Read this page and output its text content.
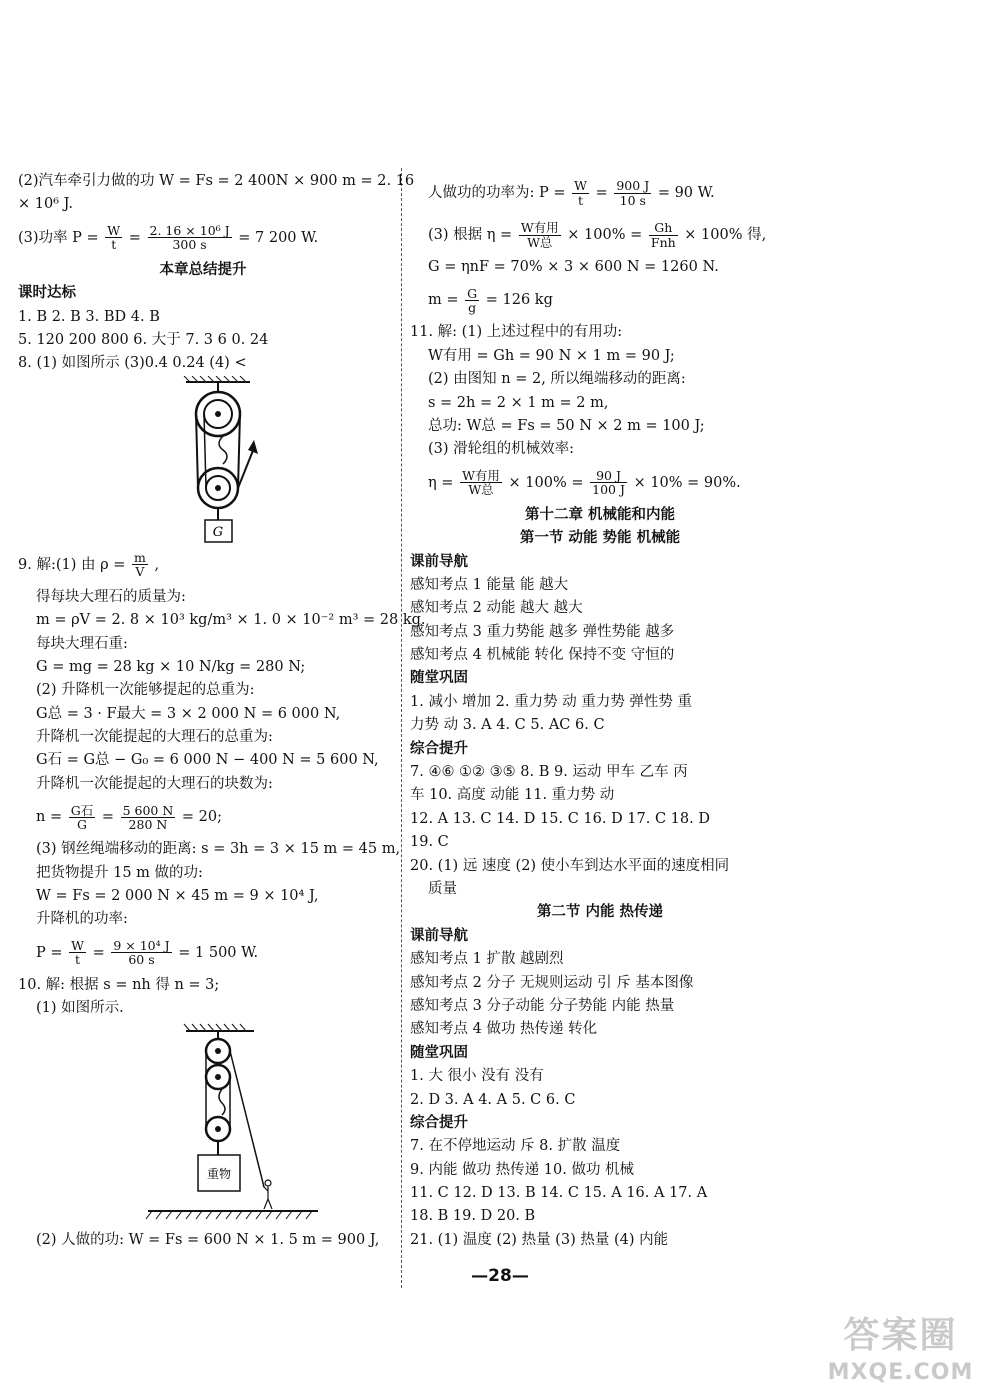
(2)汽车牵引力做的功 W = Fs = 2 400N × 900 m = 2. 16
× 10⁶ J.
(3)功率 $P = \frac{W}{t} = \frac{\text{2. 16 × 10⁶ J}}{300 s} = 7$ 200 W.
本章总结提升
课时达标
1. B 2. B 3. BD 4. B
5. 120 200 800 6. 大于 7. 3 6 0. 24
8. (1) 如图所示 (3)0.4 0.24 (4) <
G
9. 解:(1) 由 $\rho = \frac{m}{V}$ ,
得每块大理石的质量为:
m = ρV = 2. 8 × 10³ kg/m³ × 1. 0 × 10⁻² m³ = 28 kg.
每块大理石重:
G = mg = 28 kg × 10 N/kg = 280 N;
(2) 升降机一次能够提起的总重为:
G总 = 3 · F最大 = 3 × 2 000 N = 6 000 N,
升降机一次能提起的大理石的总重为:
G石 = G总 − G₀ = 6 000 N − 400 N = 5 600 N,
升降机一次能提起的大理石的块数为:
$n = \frac{\text{G石}}{G} = \frac{5 600 N}{280 N} = 20$;
(3) 钢丝绳端移动的距离: s = 3h = 3 × 15 m = 45 m,
把货物提升 15 m 做的功:
W = Fs = 2 000 N × 45 m = 9 × 10⁴ J,
升降机的功率:
$P = \frac{W}{t} = \frac{\text{9 × 10⁴ J}}{60 s} = 1$ 500 W.
10. 解: 根据 s = nh 得 n = 3;
(1) 如图所示.
重物
(2) 人做的功: W = Fs = 600 N × 1. 5 m = 900 J,
人做功的功率为: $P = \frac{W}{t} = \frac{900 J}{10 s} = 90$ W.
(3) 根据 $\eta = \frac{\text{W有用}}{\text{W总}} \times 100\% = \frac{Gh}{\text{Fnh}} \times 100\%$ 得,
G = ηnF = 70% × 3 × 600 N = 1260 N.
$m = \frac{G}{g} = 126$ kg
11. 解: (1) 上述过程中的有用功:
W有用 = Gh = 90 N × 1 m = 90 J;
(2) 由图知 n = 2, 所以绳端移动的距离:
s = 2h = 2 × 1 m = 2 m,
总功: W总 = Fs = 50 N × 2 m = 100 J;
(3) 滑轮组的机械效率:
$\eta = \frac{\text{W有用}}{\text{W总}} \times 100\% = \frac{90 J}{100 J} \times 10\% = 90\%$.
第十二章 机械能和内能
第一节 动能 势能 机械能
课前导航
感知考点 1 能量 能 越大
感知考点 2 动能 越大 越大
感知考点 3 重力势能 越多 弹性势能 越多
感知考点 4 机械能 转化 保持不变 守恒的
随堂巩固
1. 减小 增加 2. 重力势 动 重力势 弹性势 重
力势 动 3. A 4. C 5. AC 6. C
综合提升
7. ④⑥ ①② ③⑤ 8. B 9. 运动 甲车 乙车 丙
车 10. 高度 动能 11. 重力势 动
12. A 13. C 14. D 15. C 16. D 17. C 18. D
19. C
20. (1) 远 速度 (2) 使小车到达水平面的速度相同
质量
第二节 内能 热传递
课前导航
感知考点 1 扩散 越剧烈
感知考点 2 分子 无规则运动 引 斥 基本图像
感知考点 3 分子动能 分子势能 内能 热量
感知考点 4 做功 热传递 转化
随堂巩固
1. 大 很小 没有 没有
2. D 3. A 4. A 5. C 6. C
综合提升
7. 在不停地运动 斥 8. 扩散 温度
9. 内能 做功 热传递 10. 做功 机械
11. C 12. D 13. B 14. C 15. A 16. A 17. A
18. B 19. D 20. B
21. (1) 温度 (2) 热量 (3) 热量 (4) 内能
—28—
答案圈
MXQE.COM
